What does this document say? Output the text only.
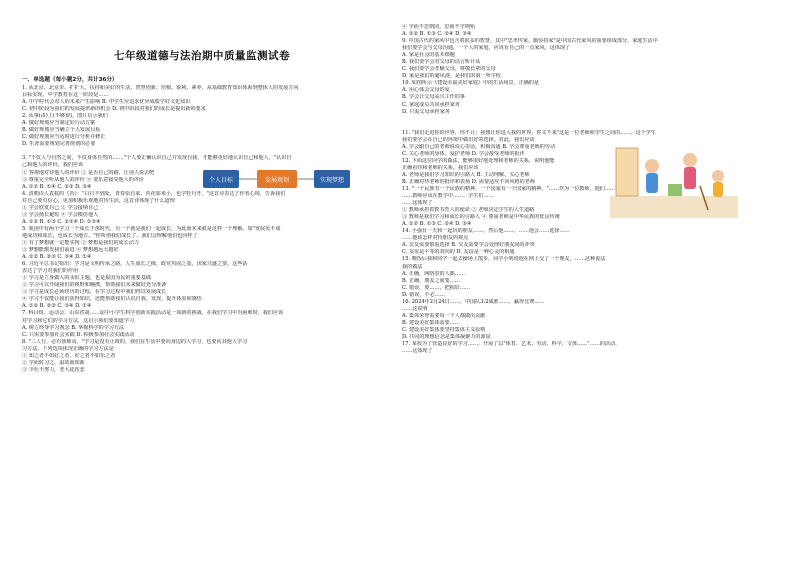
七年级道德与法治期中质量监测试卷
一、单选题（每小题2分，共计36分）

1. 从北京、北京市、扩扩大、扶持和美好的生活、智慧创新、培植、锐利、素养，从基础教育知识体系到整体人的发展方向

目标实现。中学教育在这一阶段是……

A. 中学时代会对人的未来产生影响 B. 中学生应追求优异成绩学好文化知识

C. 初中阶段为我们的发展提供新的机会 D. 初中阶段对我们的成长是提出新的要求

2. 从事(由)上(不够)的，图片启示我们

A. 做好规划应当制定好行动方案

B. 做好规划应当确立个人发展目标

C. 做好规划应当适时进行分析并修正

D. 生涯需要规划完善规划的必要

3. "不仅人与自然之间，不仅身体自然的......,"个人要正确认识自己并发现自我，才能够更好地认识自己和他人。"认识自

己和他人的评价，我们应该

① 客观地对待他人的评价 ② 是否自己的路，让别人说去吧

③ 尊重完全听从他人的评价 ④ 要乐意接受他人的评价

A. ①② B. ①④ C. ②③ D. ③④

4. 清朝诗人袁枚的《苔》："白日不到处，青春恰自来。苔花如米小，也学牡丹开。"这首诗表达了作者心境，告诉我们

对自己要有信心、更加积极乐观地对待生活，这首诗体现了什么道理

① 学会欣赏自己 ② 学会接纳自己

③ 学会扬长避短 ④ 学会模仿他人

A. ①② B. ①③ C. ②③④ D. ①③④

5. 我国中有两个学习一个成长于那时代，另一个就是我们一起成长，为此而未来就是这样一个理解。如"发展负不成

地成功和成长，也成长为地方。"你所谓我们成长了，我们会理解他们也同样了

① 有了梦想就一定能实现 ② 梦想是我们的成长动力

③ 梦想能激发我们前进 ④ 梦想越远大越好

A. ①② B. ②③ C. ③④ D. ①④

6. 习近平总书记指出：学习是文明传承之路，人生成长之梯，政党巩固之基，国家兴盛之要。这些话

表达了学习对我们的作用

① 学习是立身做人的永恒主题，也是报国为民的重要基础

② 学习可以开阔我们的视野和胸襟，帮助我们未来做好充分准备

③ 学习是成长必须经历的过程，在学习过程中我们得以发展成长

④ 学习不仅能让我们获得知识，还能帮助我们认识自我、发现、提升体验和感悟

A. ①② B. ②③ C. ③④ D. ①④

7. 科目组、运动会、山东省第……届中小学生科学创新实践活动是一项新的挑战，在我们学习中有困难时，我们应该

对学习和它们的学习方法，这启示我们要知道学习

A. 树立终身学习观念 B. 掌握科学的学习方法

C. 只需要参加社会实践 D. 积极参加社会实践活动

8. "三人行，必有我师焉。"学习是没有止境的，我们在生活中要向身边的人学习，也要向其他人学习

习方法。下列选项体现正确的学习方法是

① 知之者不如好之者，好之者不如乐之者

② 学而时习之，温故而知新

③ 少壮不努力，老大徒伤悲

个人目标	发展规划	实现梦想

④ 学而不思则罔，思而不学则殆

A. ①② B. ①③ C. ②④ D. ③④

9. 中国古代的家风中包含着很多的智慧，其中"忠孝传家、勤俭持家"是中国古代家风的重要组成部分。家庭生活中

我们要学会与父母沟通，一个人的家庭，应该有自己的一点家风。这体现了

A. 家是社会的基本细胞

B. 我们要学会对父母的话言听计从

C. 我们要学会孝顺父母，尊敬长辈的父母

D. 家是我们的避风港，是我们的第一所学校

10. 如图所示《建设幸福美好家庭》中的生活场景，正确的是

A. 用心体会父母的爱

B. 学会让父母高兴工作的事

C. 家庭成员共同承担家务

D. 只需父母承担家务

11. "我们走进你的世界，你不让；我想让你进入我的世界，你又不来"这是一位老师和学生之间的……，这个学生

我们要学会在自己的环境中做出好的选择。对此，我们应该

A. 学会跟自己的老师说说心里话，积极沟通 B. 学会尊重老师的劳动

C. 关心老师的身体，爱护老师 D. 学会接受老师的批评

12. 下面这位同学的做法，能够很好地处理和老师的关系，说明他能

正确看待和老师的关系。我们应该

A. 老师是我们学习知识的引路人 B. 主动理解、关心老师

B. 正确对待老师的批评和表扬 D. 需要适应不同风格的老师

13. "一个民族有一个民族的精神，一个国家有一个国家的精神。"……作为一位教师，他们……

……教师应该在教学中……，学生们……

……这体现了

① 教师承担着教书育人的使命 ② 老师决定学生的人生道路

③ 教师是我们学习和成长的引路人 ④ 尊重老师是中华民族的优良传统

A. ①② B. ①③ C. ②④ D. ③④

14. 小强有一天和一起玩的朋友……，然后他……。……他会……选择……

……他该怎样对待朋友的观点

A. 交友需要慎重选择 B. 交友需要学会处理好朋友间的冲突

C. 友谊是平等的双向的 D. 友谊是一种心灵的相通

15. 晚饭后我和同学一起去操场上散步，同学小明说他在网上交了一个朋友，……这种说法

我的做法

A. 正确，网络里的人都……

B. 正确，朋友之间要……

C. 错误，要……，把握好……

D. 错误，不必……

16. 2024年2月24日……，中国队3:2战胜……，赢得比赛……

……这说明

A. 集体荣誉需要每一个人都做出贡献

B. 建设美好集体需要……

C. 建设美好集体要坚持集体主义原则

D. 共同的理想信念是集体凝聚力的源泉

17. 某校为了营造良好的学习……，开展了以"体育、艺术、劳动、科学、文体……"……的活动，

……这体现了
